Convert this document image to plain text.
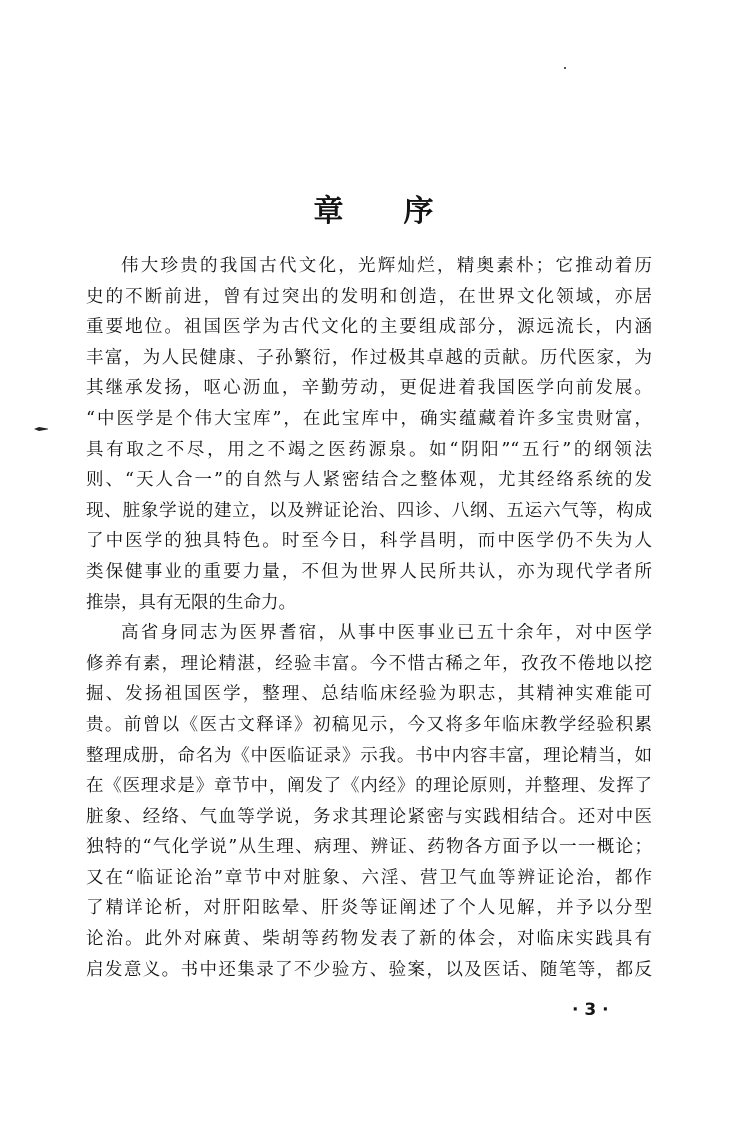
章 序
伟大珍贵的我国古代文化，光辉灿烂，精奥素朴；它推动着历
史的不断前进，曾有过突出的发明和创造，在世界文化领域，亦居
重要地位。祖国医学为古代文化的主要组成部分，源远流长，内涵
丰富，为人民健康、子孙繁衍，作过极其卓越的贡献。历代医家，为
其继承发扬，呕心沥血，辛勤劳动，更促进着我国医学向前发展。
“中医学是个伟大宝库”，在此宝库中，确实蕴藏着许多宝贵财富，
具有取之不尽，用之不竭之医药源泉。如“阴阳”“五行”的纲领法
则、“天人合一”的自然与人紧密结合之整体观，尤其经络系统的发
现、脏象学说的建立，以及辨证论治、四诊、八纲、五运六气等，构成
了中医学的独具特色。时至今日，科学昌明，而中医学仍不失为人
类保健事业的重要力量，不但为世界人民所共认，亦为现代学者所
推崇，具有无限的生命力。
高省身同志为医界耆宿，从事中医事业已五十余年，对中医学
修养有素，理论精湛，经验丰富。今不惜古稀之年，孜孜不倦地以挖
掘、发扬祖国医学，整理、总结临床经验为职志，其精神实难能可
贵。前曾以《医古文释译》初稿见示，今又将多年临床教学经验积累
整理成册，命名为《中医临证录》示我。书中内容丰富，理论精当，如
在《医理求是》章节中，阐发了《内经》的理论原则，并整理、发挥了
脏象、经络、气血等学说，务求其理论紧密与实践相结合。还对中医
独特的“气化学说”从生理、病理、辨证、药物各方面予以一一概论；
又在“临证论治”章节中对脏象、六淫、营卫气血等辨证论治，都作
了精详论析，对肝阳眩晕、肝炎等证阐述了个人见解，并予以分型
论治。此外对麻黄、柴胡等药物发表了新的体会，对临床实践具有
启发意义。书中还集录了不少验方、验案，以及医话、随笔等，都反
· 3 ·
